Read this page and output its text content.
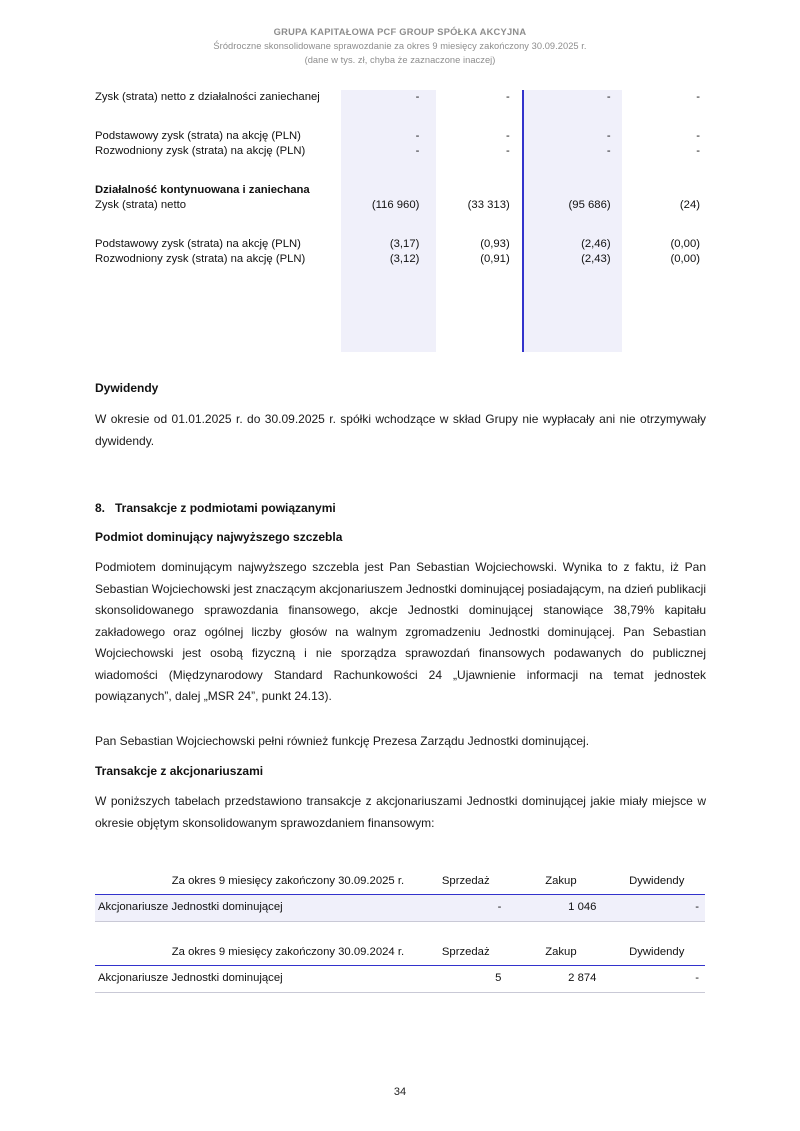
GRUPA KAPITAŁOWA PCF GROUP SPÓŁKA AKCYJNA
Śródroczne skonsolidowane sprawozdanie za okres 9 miesięcy zakończony 30.09.2025 r.
(dane w tys. zł, chyba że zaznaczone inaczej)
Zysk (strata) netto z działalności zaniechanej	-	-	-	-

Podstawowy zysk (strata) na akcję (PLN)	-	-	-	-
Rozwodniony zysk (strata) na akcję (PLN)	-	-	-	-

Działalność kontynuowana i zaniechana				
Zysk (strata) netto	(116 960)	(33 313)	(95 686)	(24)

Podstawowy zysk (strata) na akcję (PLN)	(3,17)	(0,93)	(2,46)	(0,00)
Rozwodniony zysk (strata) na akcję (PLN)	(3,12)	(0,91)	(2,43)	(0,00)
Dywidendy
W okresie od 01.01.2025 r. do 30.09.2025 r. spółki wchodzące w skład Grupy nie wypłacały ani nie otrzymywały dywidendy.
8. Transakcje z podmiotami powiązanymi
Podmiot dominujący najwyższego szczebla
Podmiotem dominującym najwyższego szczebla jest Pan Sebastian Wojciechowski. Wynika to z faktu, iż Pan Sebastian Wojciechowski jest znaczącym akcjonariuszem Jednostki dominującej posiadającym, na dzień publikacji skonsolidowanego sprawozdania finansowego, akcje Jednostki dominującej stanowiące 38,79% kapitału zakładowego oraz ogólnej liczby głosów na walnym zgromadzeniu Jednostki dominującej. Pan Sebastian Wojciechowski jest osobą fizyczną i nie sporządza sprawozdań finansowych podawanych do publicznej wiadomości (Międzynarodowy Standard Rachunkowości 24 „Ujawnienie informacji na temat jednostek powiązanych”, dalej „MSR 24”, punkt 24.13).
Pan Sebastian Wojciechowski pełni również funkcję Prezesa Zarządu Jednostki dominującej.
Transakcje z akcjonariuszami
W poniższych tabelach przedstawiono transakcje z akcjonariuszami Jednostki dominującej jakie miały miejsce w okresie objętym skonsolidowanym sprawozdaniem finansowym:
Za okres 9 miesięcy zakończony 30.09.2025 r.	Sprzedaż	Zakup	Dywidendy
Akcjonariusze Jednostki dominującej	-	1 046	-
Za okres 9 miesięcy zakończony 30.09.2024 r.	Sprzedaż	Zakup	Dywidendy
Akcjonariusze Jednostki dominującej	5	2 874	-
34
